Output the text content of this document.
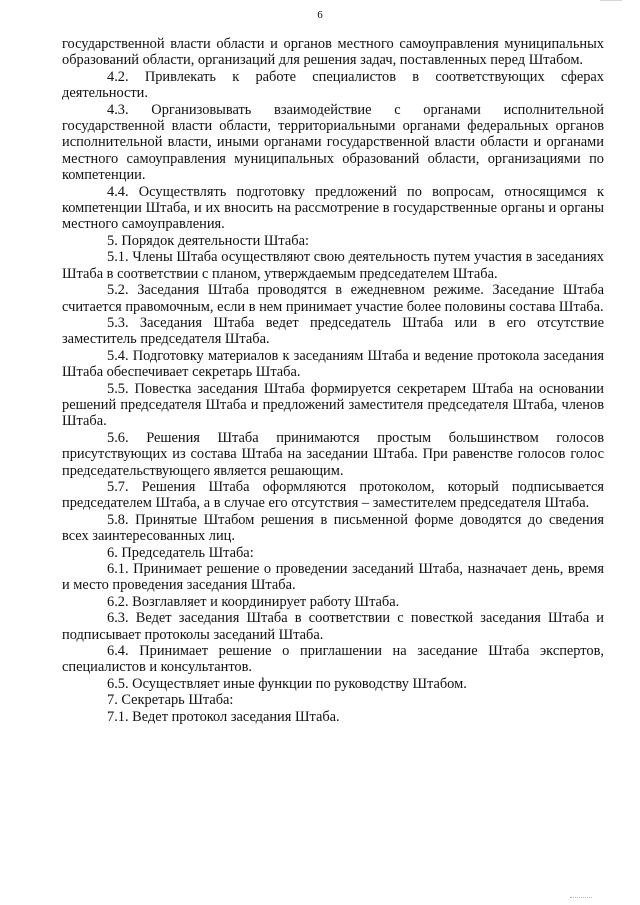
6

государственной власти области и органов местного самоуправления муниципальных образований области, организаций для решения задач, поставленных перед Штабом.

4.2. Привлекать к работе специалистов в соответствующих сферах деятельности.

4.3. Организовывать взаимодействие с органами исполнительной государственной власти области, территориальными органами федеральных органов исполнительной власти, иными органами государственной власти области и органами местного самоуправления муниципальных образований области, организациями по компетенции.

4.4. Осуществлять подготовку предложений по вопросам, относящимся к компетенции Штаба, и их вносить на рассмотрение в государственные органы и органы местного самоуправления.

5. Порядок деятельности Штаба:

5.1. Члены Штаба осуществляют свою деятельность путем участия в заседаниях Штаба в соответствии с планом, утверждаемым председателем Штаба.

5.2. Заседания Штаба проводятся в ежедневном режиме. Заседание Штаба считается правомочным, если в нем принимает участие более половины состава Штаба.

5.3. Заседания Штаба ведет председатель Штаба или в его отсутствие заместитель председателя Штаба.

5.4. Подготовку материалов к заседаниям Штаба и ведение протокола заседания Штаба обеспечивает секретарь Штаба.

5.5. Повестка заседания Штаба формируется секретарем Штаба на основании решений председателя Штаба и предложений заместителя председателя Штаба, членов Штаба.

5.6. Решения Штаба принимаются простым большинством голосов присутствующих из состава Штаба на заседании Штаба. При равенстве голосов голос председательствующего является решающим.

5.7. Решения Штаба оформляются протоколом, который подписывается председателем Штаба, а в случае его отсутствия – заместителем председателя Штаба.

5.8. Принятые Штабом решения в письменной форме доводятся до сведения всех заинтересованных лиц.

6. Председатель Штаба:

6.1. Принимает решение о проведении заседаний Штаба, назначает день, время и место проведения заседания Штаба.

6.2. Возглавляет и координирует работу Штаба.

6.3. Ведет заседания Штаба в соответствии с повесткой заседания Штаба и подписывает протоколы заседаний Штаба.

6.4. Принимает решение о приглашении на заседание Штаба экспертов, специалистов и консультантов.

6.5. Осуществляет иные функции по руководству Штабом.

7. Секретарь Штаба:

7.1. Ведет протокол заседания Штаба.
